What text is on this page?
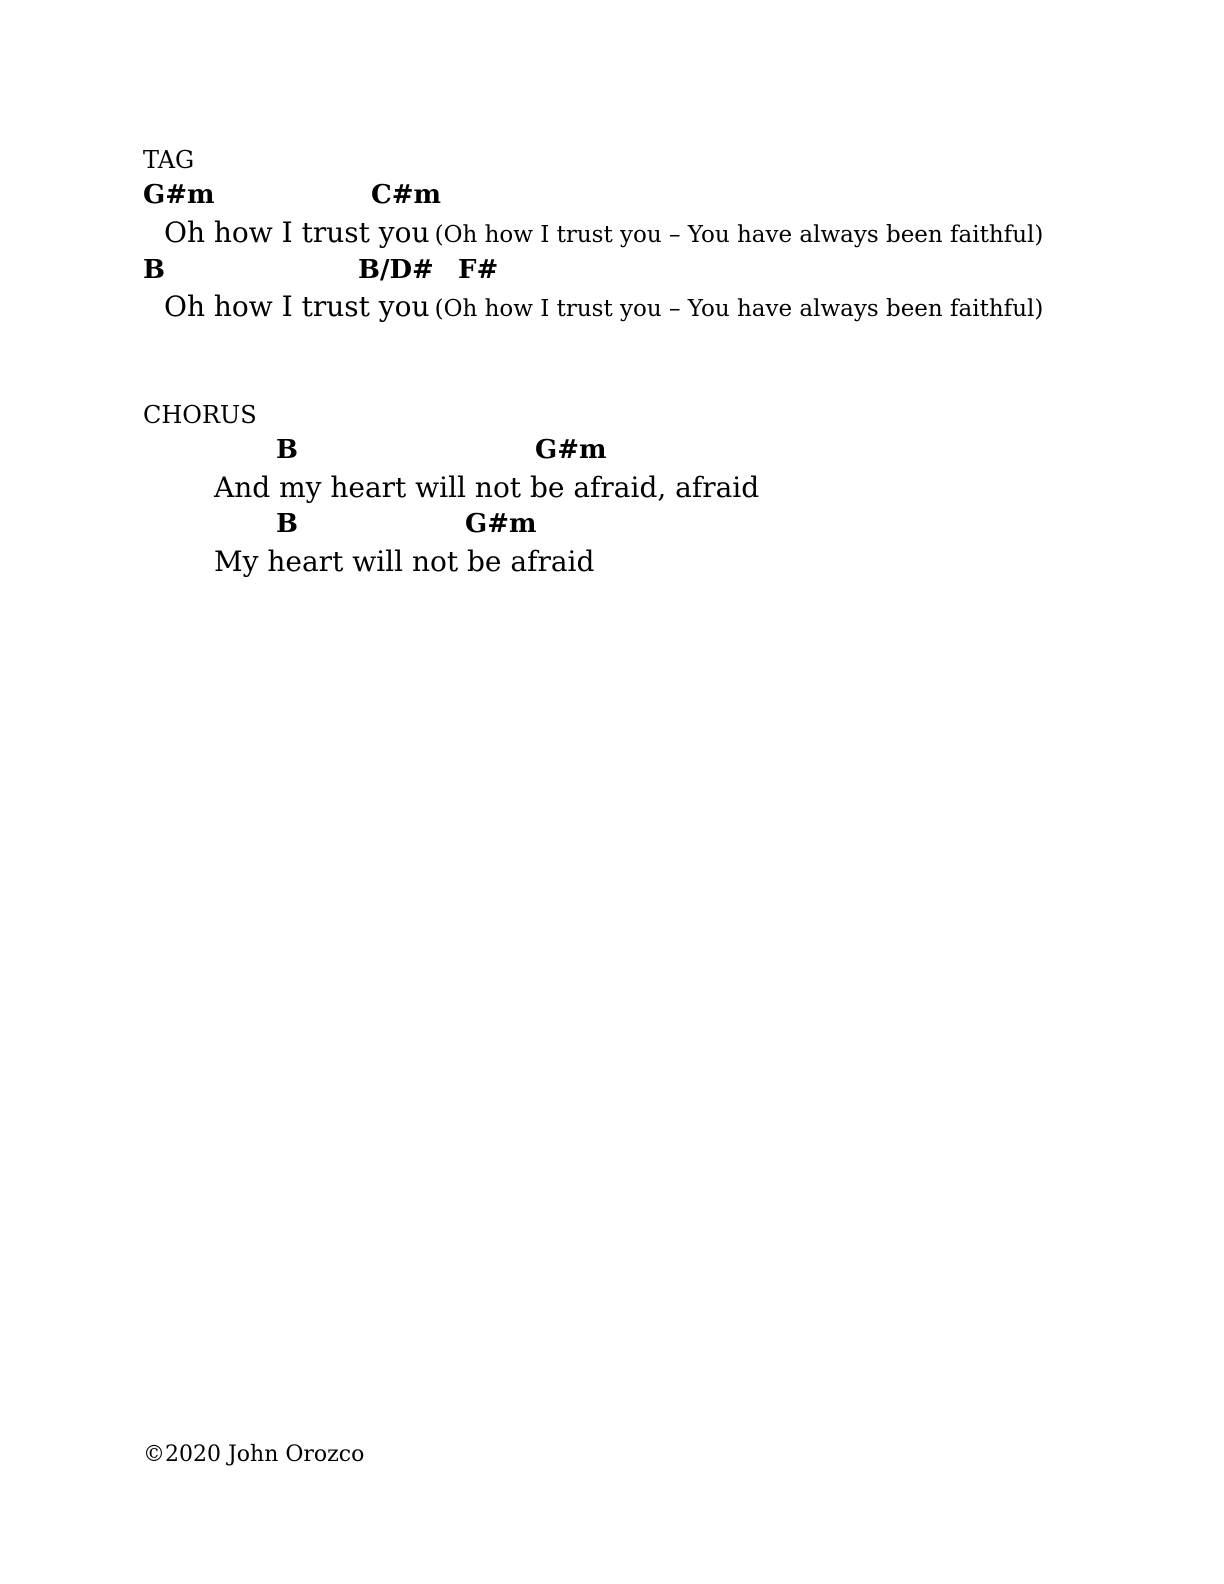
TAG
G#m	C#m
Oh how I trust you (Oh how I trust you – You have always been faithful)
B	B/D# F#
Oh how I trust you (Oh how I trust you – You have always been faithful)
CHORUS
B	G#m
And my heart will not be afraid, afraid
B	G#m
My heart will not be afraid
©2020 John Orozco
